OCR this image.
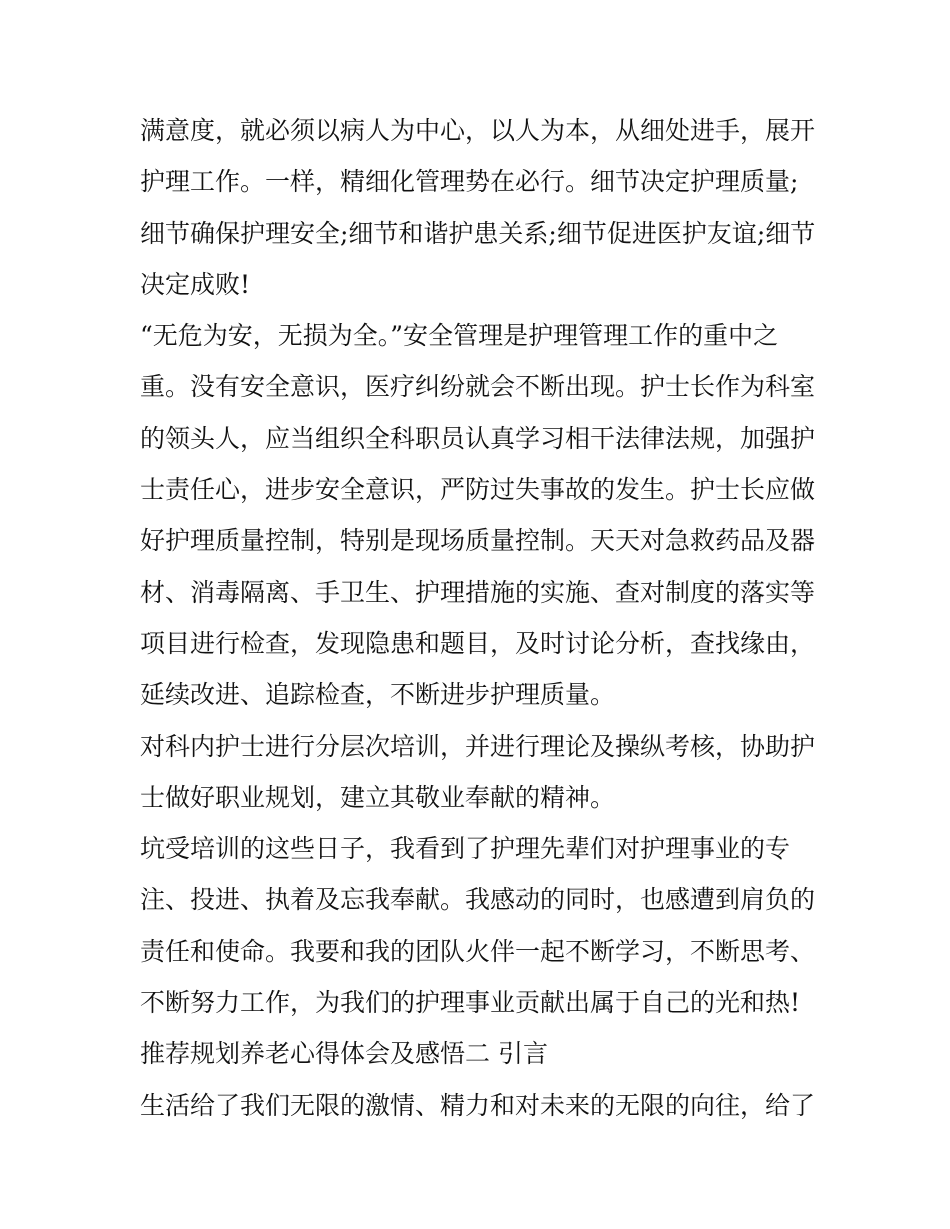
满意度，就必须以病人为中心，以人为本，从细处进手，展开
护理工作。一样，精细化管理势在必行。细节决定护理质量;
细节确保护理安全;细节和谐护患关系;细节促进医护友谊;细节
决定成败!
“无危为安，无损为全。”安全管理是护理管理工作的重中之
重。没有安全意识，医疗纠纷就会不断出现。护士长作为科室
的领头人，应当组织全科职员认真学习相干法律法规，加强护
士责任心，进步安全意识，严防过失事故的发生。护士长应做
好护理质量控制，特别是现场质量控制。天天对急救药品及器
材、消毒隔离、手卫生、护理措施的实施、查对制度的落实等
项目进行检查，发现隐患和题目，及时讨论分析，查找缘由，
延续改进、追踪检查，不断进步护理质量。
对科内护士进行分层次培训，并进行理论及操纵考核，协助护
士做好职业规划，建立其敬业奉献的精神。
坑受培训的这些日子，我看到了护理先辈们对护理事业的专
注、投进、执着及忘我奉献。我感动的同时，也感遭到肩负的
责任和使命。我要和我的团队火伴一起不断学习，不断思考、
不断努力工作，为我们的护理事业贡献出属于自己的光和热!
推荐规划养老心得体会及感悟二 引言
生活给了我们无限的激情、精力和对未来的无限的向往，给了
